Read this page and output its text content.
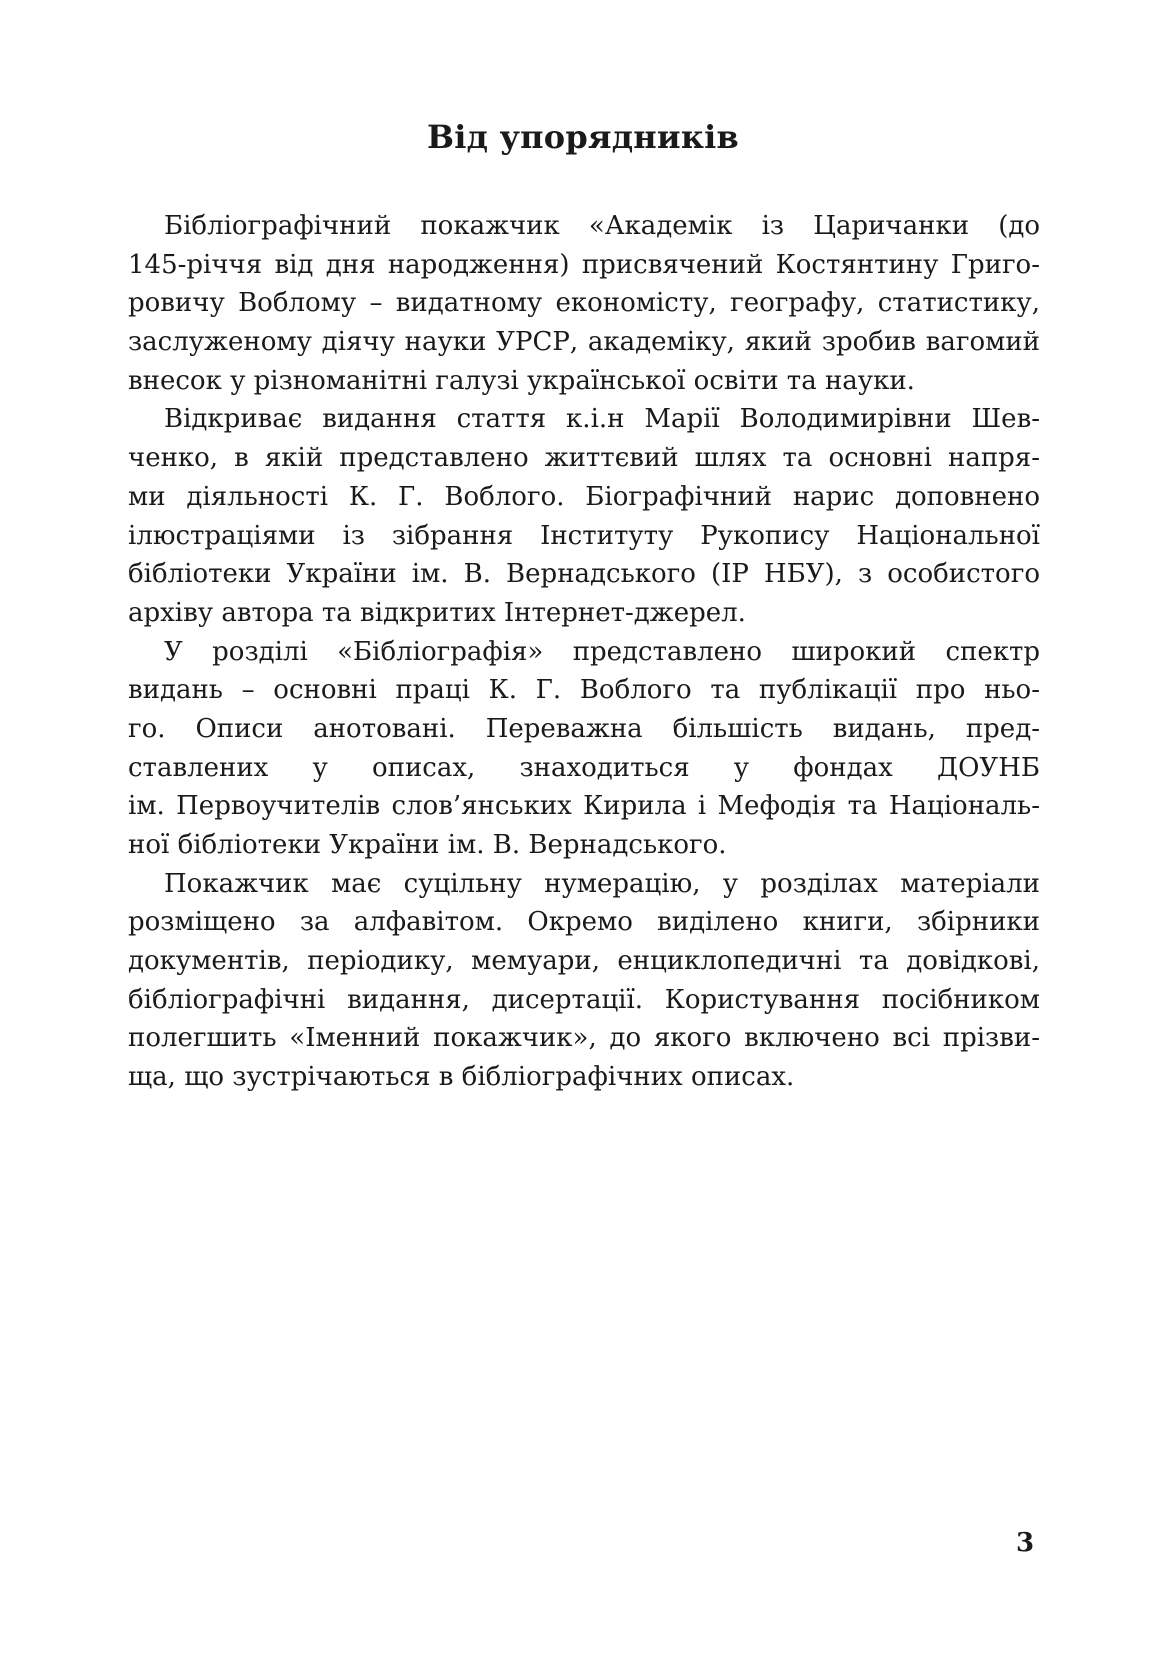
Від упорядників
Бібліографічний покажчик «Академік із Царичанки (до
145-річчя від дня народження) присвячений Костянтину Григо-
ровичу Воблому – видатному економісту, географу, статистику,
заслуженому діячу науки УРСР, академіку, який зробив вагомий
внесок у різноманітні галузі української освіти та науки.
Відкриває видання стаття к.і.н Марії Володимирівни Шев-
ченко, в якій представлено життєвий шлях та основні напря-
ми діяльності К. Г. Воблого. Біографічний нарис доповнено
ілюстраціями із зібрання Інституту Рукопису Національної
бібліотеки України ім. В. Вернадського (ІР НБУ), з особистого
архіву автора та відкритих Інтернет-джерел.
У розділі «Бібліографія» представлено широкий спектр
видань – основні праці К. Г. Воблого та публікації про ньо-
го. Описи анотовані. Переважна більшість видань, пред-
ставлених у описах, знаходиться у фондах ДОУНБ
ім. Первоучителів слов’янських Кирила і Мефодія та Національ-
ної бібліотеки України ім. В. Вернадського.
Покажчик має суцільну нумерацію, у розділах матеріали
розміщено за алфавітом. Окремо виділено книги, збірники
документів, періодику, мемуари, енциклопедичні та довідкові,
бібліографічні видання, дисертації. Користування посібником
полегшить «Іменний покажчик», до якого включено всі прізви-
ща, що зустрічаються в бібліографічних описах.
3
